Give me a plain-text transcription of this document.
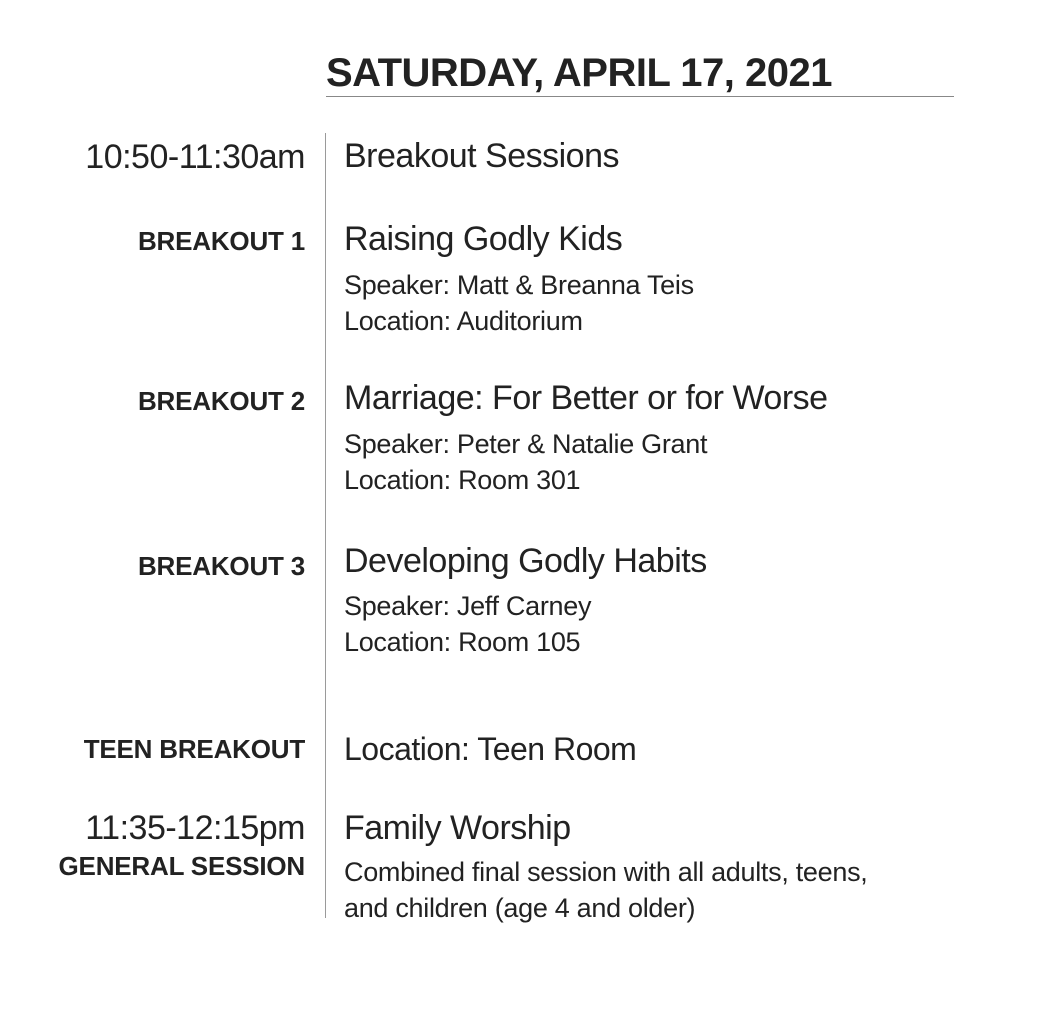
SATURDAY, APRIL 17, 2021
10:50-11:30am Breakout Sessions
BREAKOUT 1 Raising Godly Kids
Speaker: Matt & Breanna Teis
Location: Auditorium
BREAKOUT 2 Marriage: For Better or for Worse
Speaker: Peter & Natalie Grant
Location: Room 301
BREAKOUT 3 Developing Godly Habits
Speaker: Jeff Carney
Location: Room 105
TEEN BREAKOUT Location: Teen Room
11:35-12:15pm
GENERAL SESSION
Family Worship
Combined final session with all adults, teens,
and children (age 4 and older)
